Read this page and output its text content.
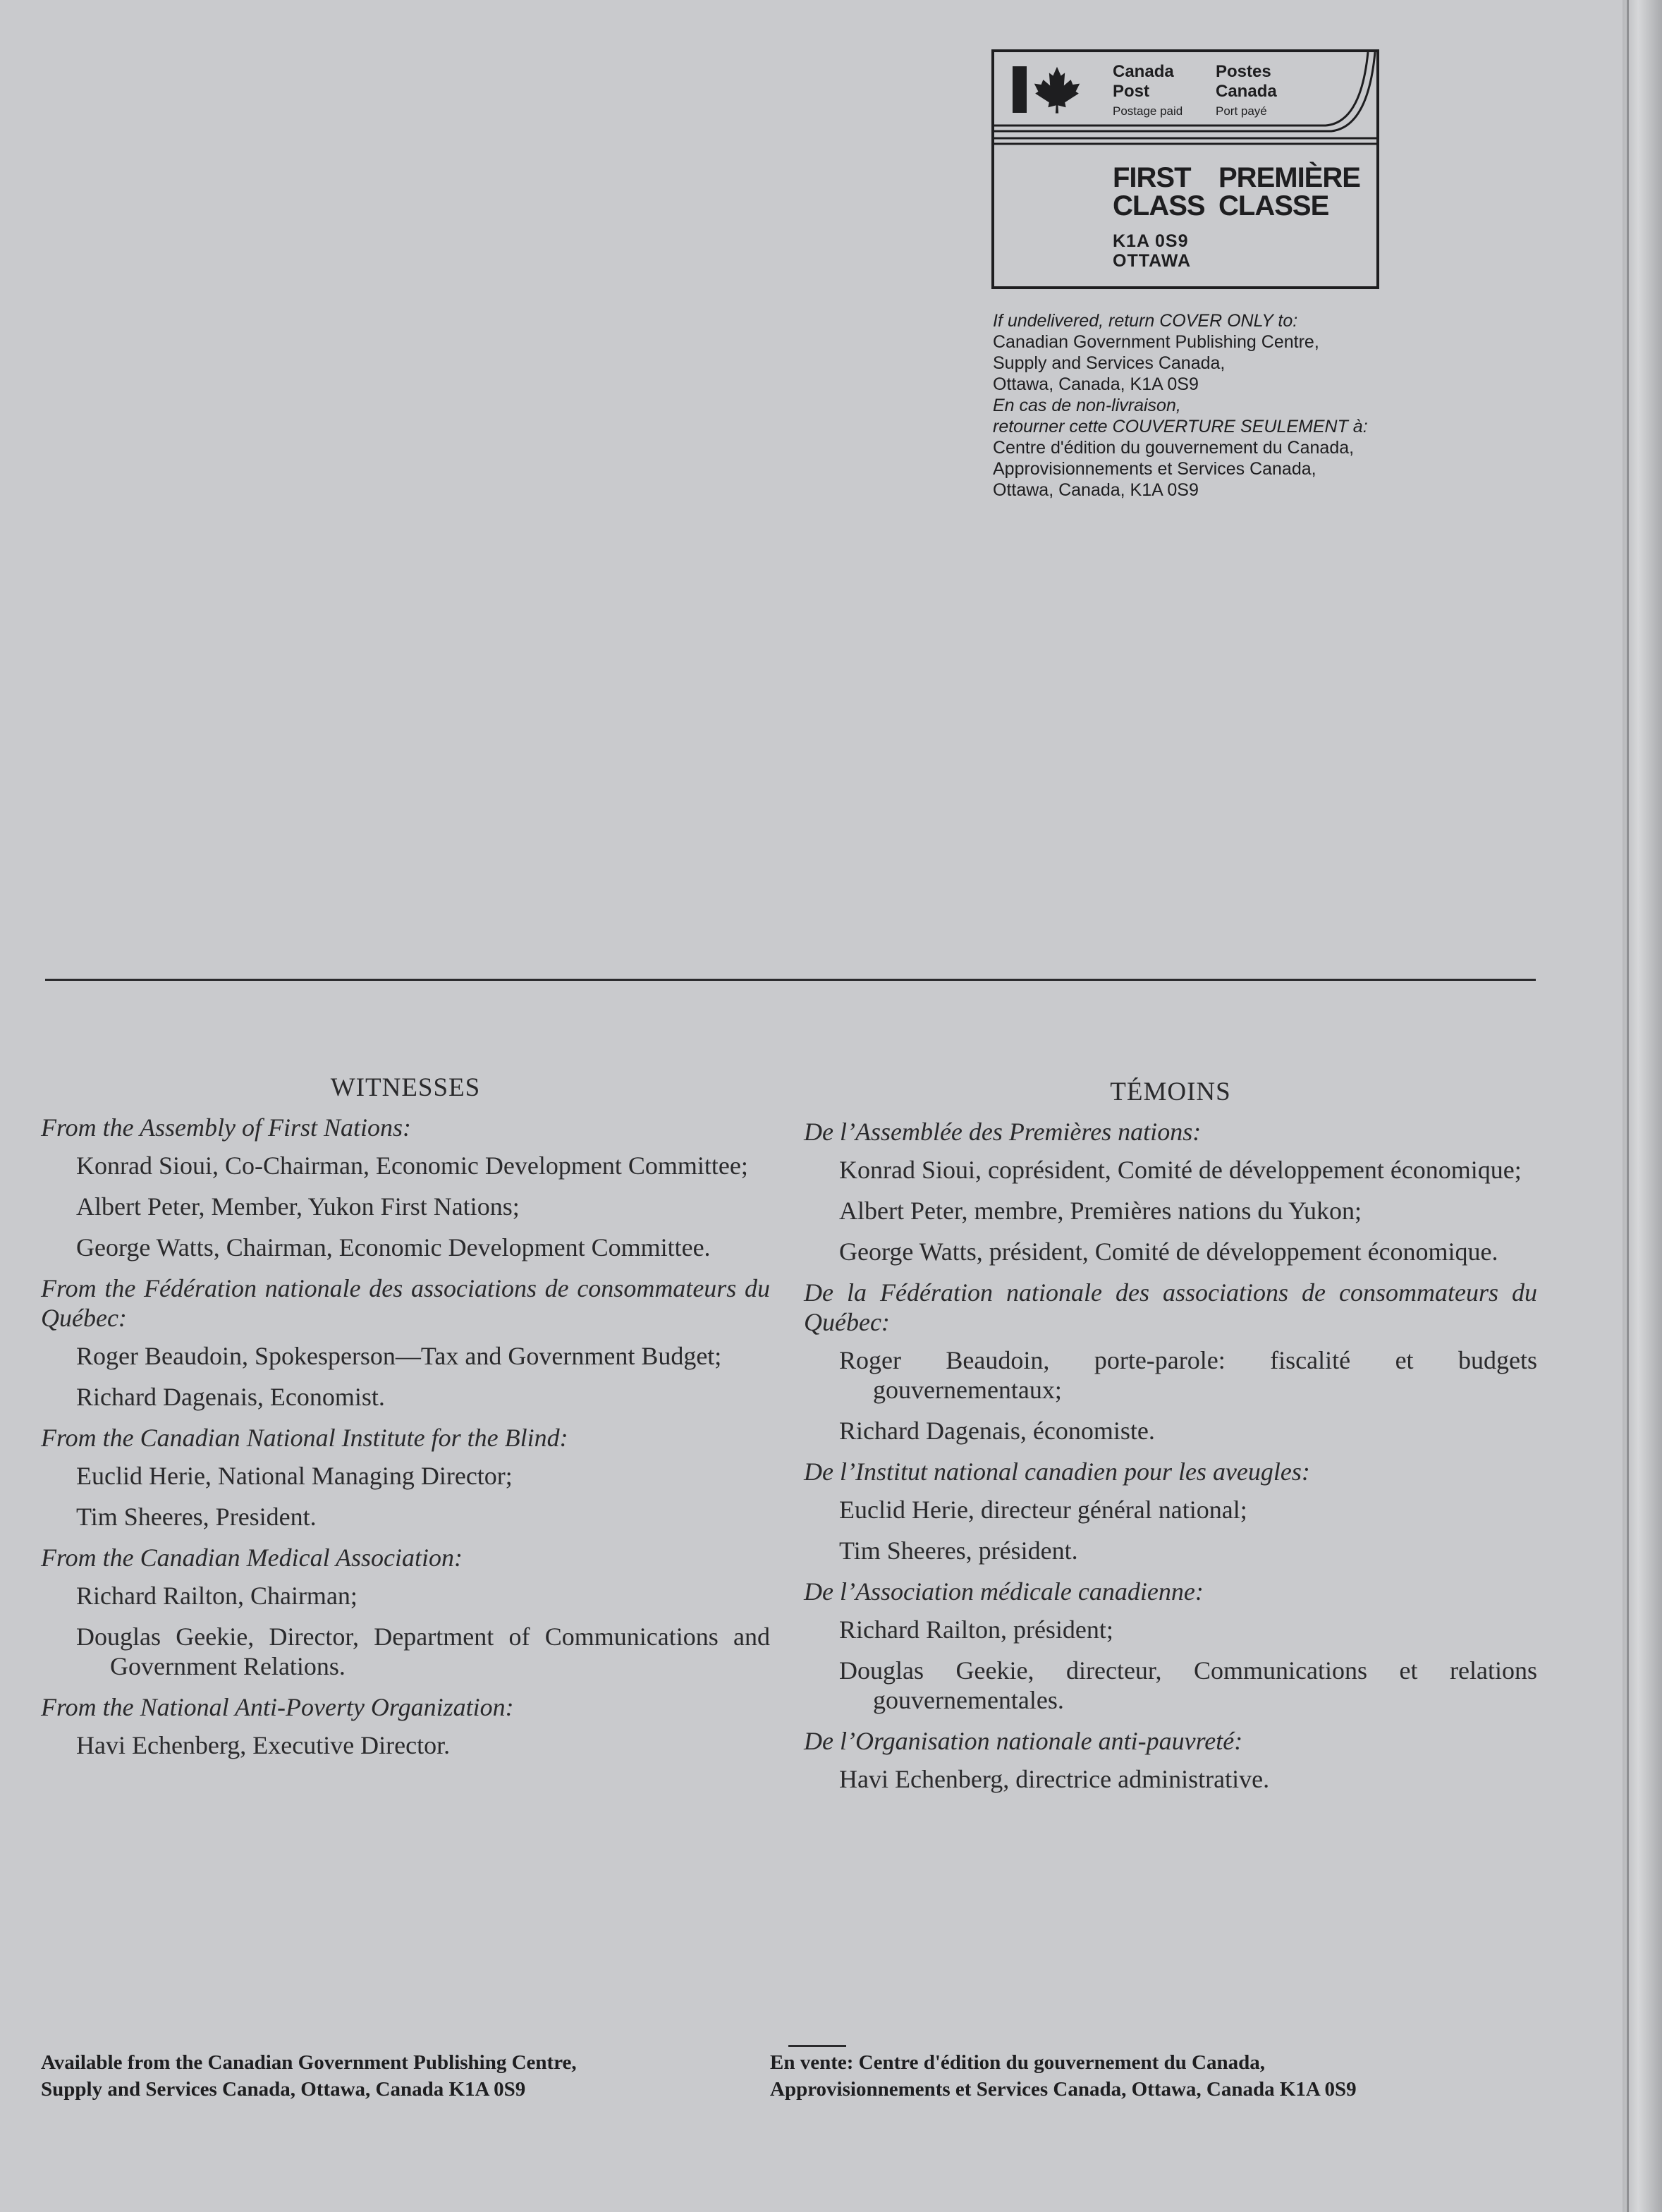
Canada
Post
Postage paid
Postes
Canada
Port payé
FIRST
CLASS
PREMIÈRE
CLASSE
K1A 0S9
OTTAWA
If undelivered, return COVER ONLY to:
Canadian Government Publishing Centre,
Supply and Services Canada,
Ottawa, Canada, K1A 0S9
En cas de non-livraison,
retourner cette COUVERTURE SEULEMENT à:
Centre d'édition du gouvernement du Canada,
Approvisionnements et Services Canada,
Ottawa, Canada, K1A 0S9
WITNESSES
From the Assembly of First Nations:
Konrad Sioui, Co-Chairman, Economic Development Committee;
Albert Peter, Member, Yukon First Nations;
George Watts, Chairman, Economic Development Committee.
From the Fédération nationale des associations de consommateurs du Québec:
Roger Beaudoin, Spokesperson—Tax and Government Budget;
Richard Dagenais, Economist.
From the Canadian National Institute for the Blind:
Euclid Herie, National Managing Director;
Tim Sheeres, President.
From the Canadian Medical Association:
Richard Railton, Chairman;
Douglas Geekie, Director, Department of Communications and Government Relations.
From the National Anti-Poverty Organization:
Havi Echenberg, Executive Director.
TÉMOINS
De l’Assemblée des Premières nations:
Konrad Sioui, coprésident, Comité de développement économique;
Albert Peter, membre, Premières nations du Yukon;
George Watts, président, Comité de développement économique.
De la Fédération nationale des associations de consommateurs du Québec:
Roger Beaudoin, porte-parole: fiscalité et budgets gouvernementaux;
Richard Dagenais, économiste.
De l’Institut national canadien pour les aveugles:
Euclid Herie, directeur général national;
Tim Sheeres, président.
De l’Association médicale canadienne:
Richard Railton, président;
Douglas Geekie, directeur, Communications et relations gouvernementales.
De l’Organisation nationale anti-pauvreté:
Havi Echenberg, directrice administrative.
Available from the Canadian Government Publishing Centre,
Supply and Services Canada, Ottawa, Canada K1A 0S9
En vente: Centre d'édition du gouvernement du Canada,
Approvisionnements et Services Canada, Ottawa, Canada K1A 0S9
